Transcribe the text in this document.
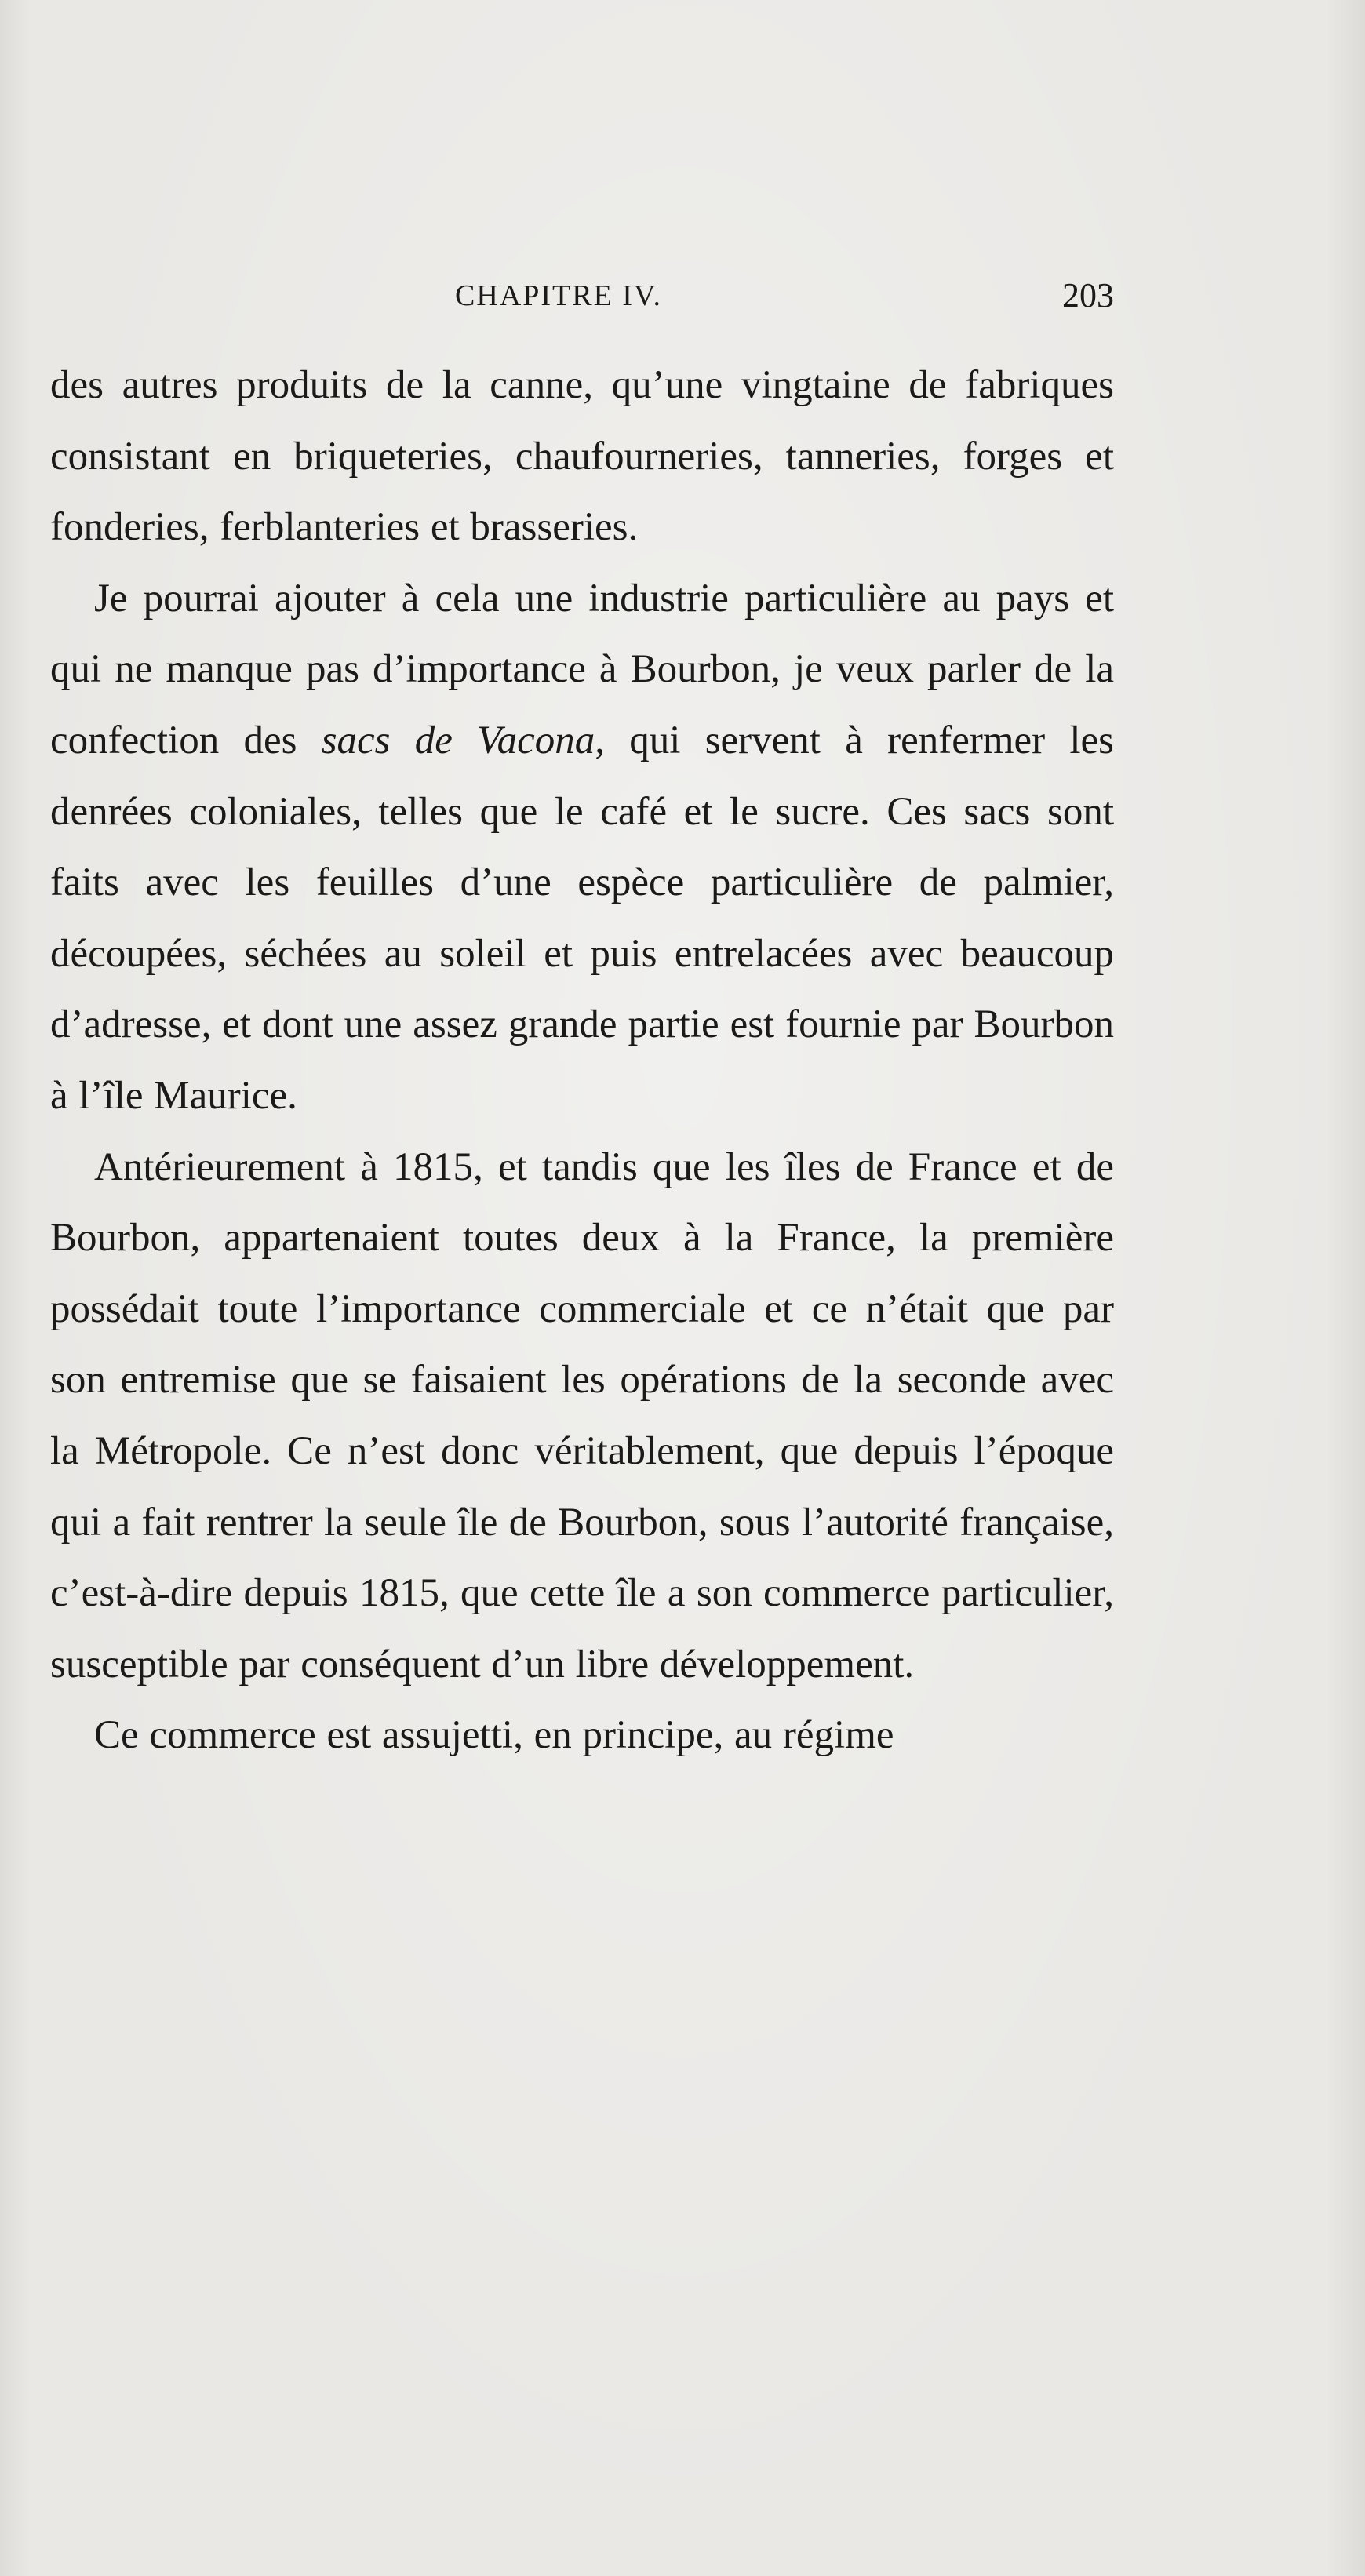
CHAPITRE IV.	203

des autres produits de la canne, qu’une vingtaine de fabriques consistant en briqueteries, chaufourneries, tanneries, forges et fonderies, ferblanteries et brasseries.

Je pourrai ajouter à cela une industrie particulière au pays et qui ne manque pas d’importance à Bourbon, je veux parler de la confection des sacs de Vacona, qui servent à renfermer les denrées coloniales, telles que le café et le sucre. Ces sacs sont faits avec les feuilles d’une espèce particulière de palmier, découpées, séchées au soleil et puis entrelacées avec beaucoup d’adresse, et dont une assez grande partie est fournie par Bourbon à l’île Maurice.

Antérieurement à 1815, et tandis que les îles de France et de Bourbon, appartenaient toutes deux à la France, la première possédait toute l’importance commerciale et ce n’était que par son entremise que se faisaient les opérations de la seconde avec la Métropole. Ce n’est donc véritablement, que depuis l’époque qui a fait rentrer la seule île de Bourbon, sous l’autorité française, c’est-à-dire depuis 1815, que cette île a son commerce particulier, susceptible par conséquent d’un libre développement.

Ce commerce est assujetti, en principe, au régime
